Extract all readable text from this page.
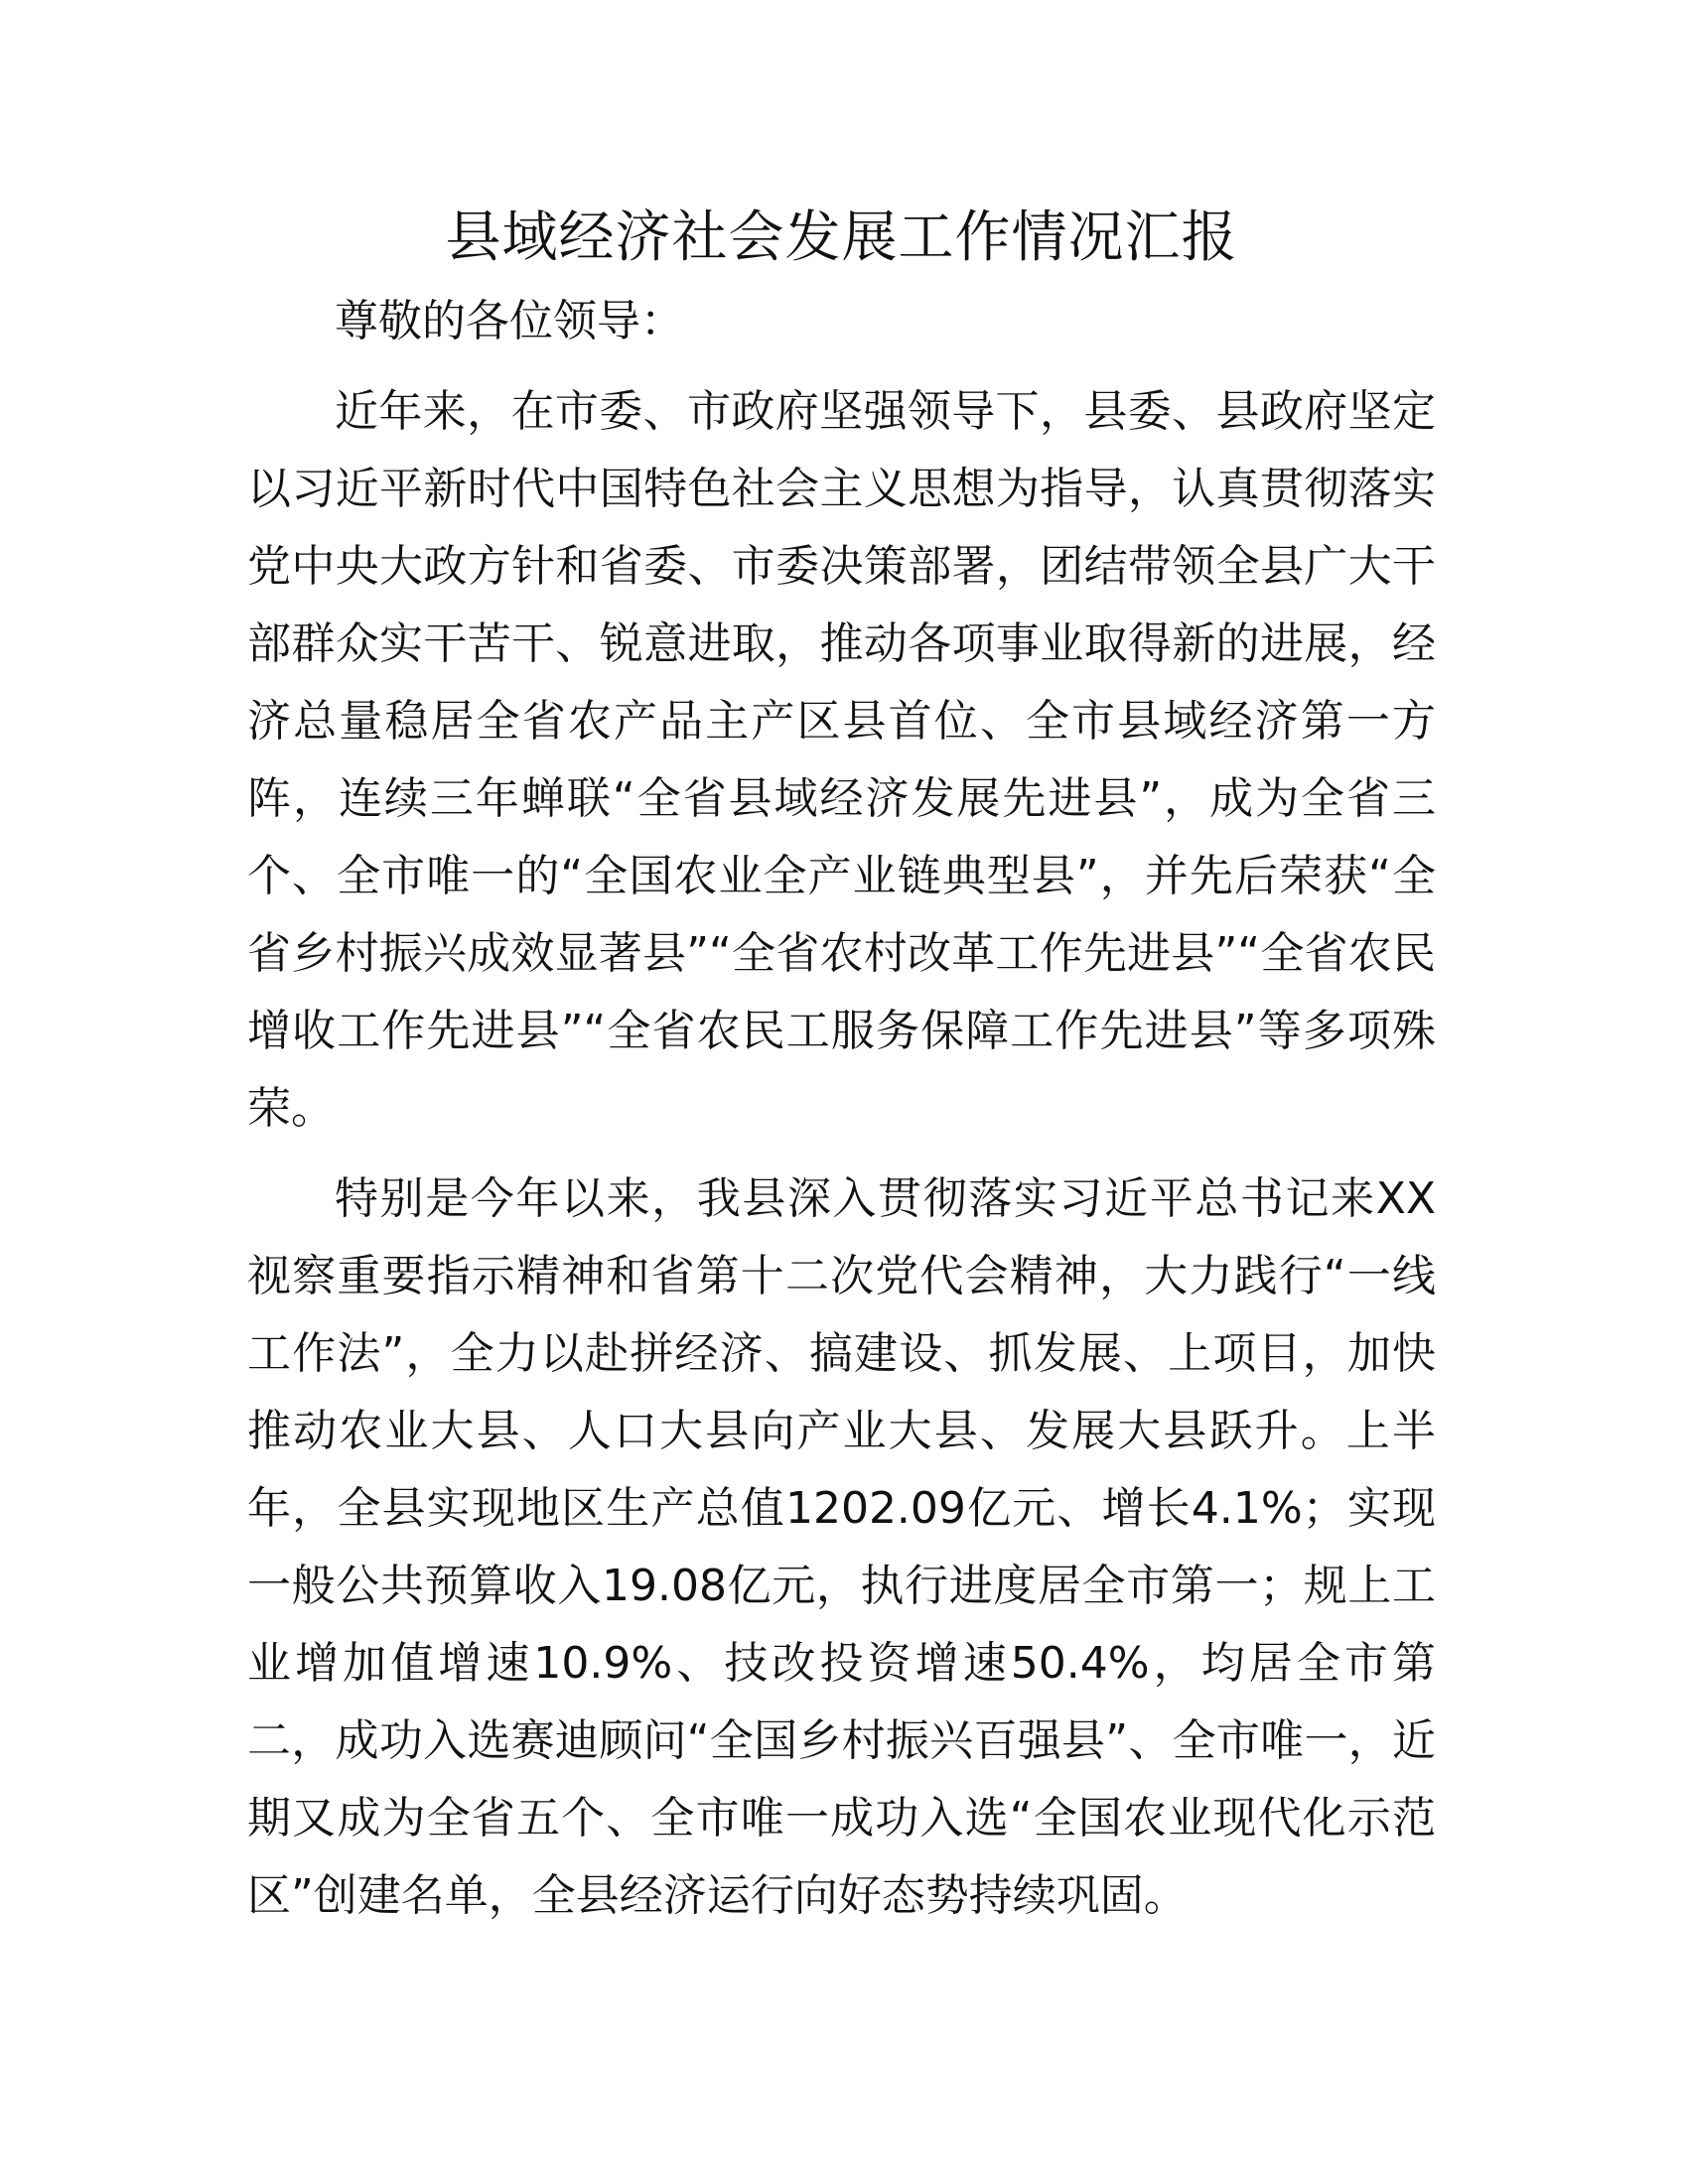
县域经济社会发展工作情况汇报
尊敬的各位领导：

近年来，在市委、市政府坚强领导下，县委、县政府坚定以习近平新时代中国特色社会主义思想为指导，认真贯彻落实党中央大政方针和省委、市委决策部署，团结带领全县广大干部群众实干苦干、锐意进取，推动各项事业取得新的进展，经济总量稳居全省农产品主产区县首位、全市县域经济第一方阵，连续三年蝉联“全省县域经济发展先进县”，成为全省三个、全市唯一的“全国农业全产业链典型县”，并先后荣获“全省乡村振兴成效显著县”“全省农村改革工作先进县”“全省农民增收工作先进县”“全省农民工服务保障工作先进县”等多项殊荣。

特别是今年以来，我县深入贯彻落实习近平总书记来XX视察重要指示精神和省第十二次党代会精神，大力践行“一线工作法”，全力以赴拼经济、搞建设、抓发展、上项目，加快推动农业大县、人口大县向产业大县、发展大县跃升。上半年，全县实现地区生产总值1202.09亿元、增长4.1%；实现一般公共预算收入19.08亿元，执行进度居全市第一；规上工业增加值增速10.9%、技改投资增速50.4%，均居全市第二，成功入选赛迪顾问“全国乡村振兴百强县”、全市唯一，近期又成为全省五个、全市唯一成功入选“全国农业现代化示范区”创建名单，全县经济运行向好态势持续巩固。
